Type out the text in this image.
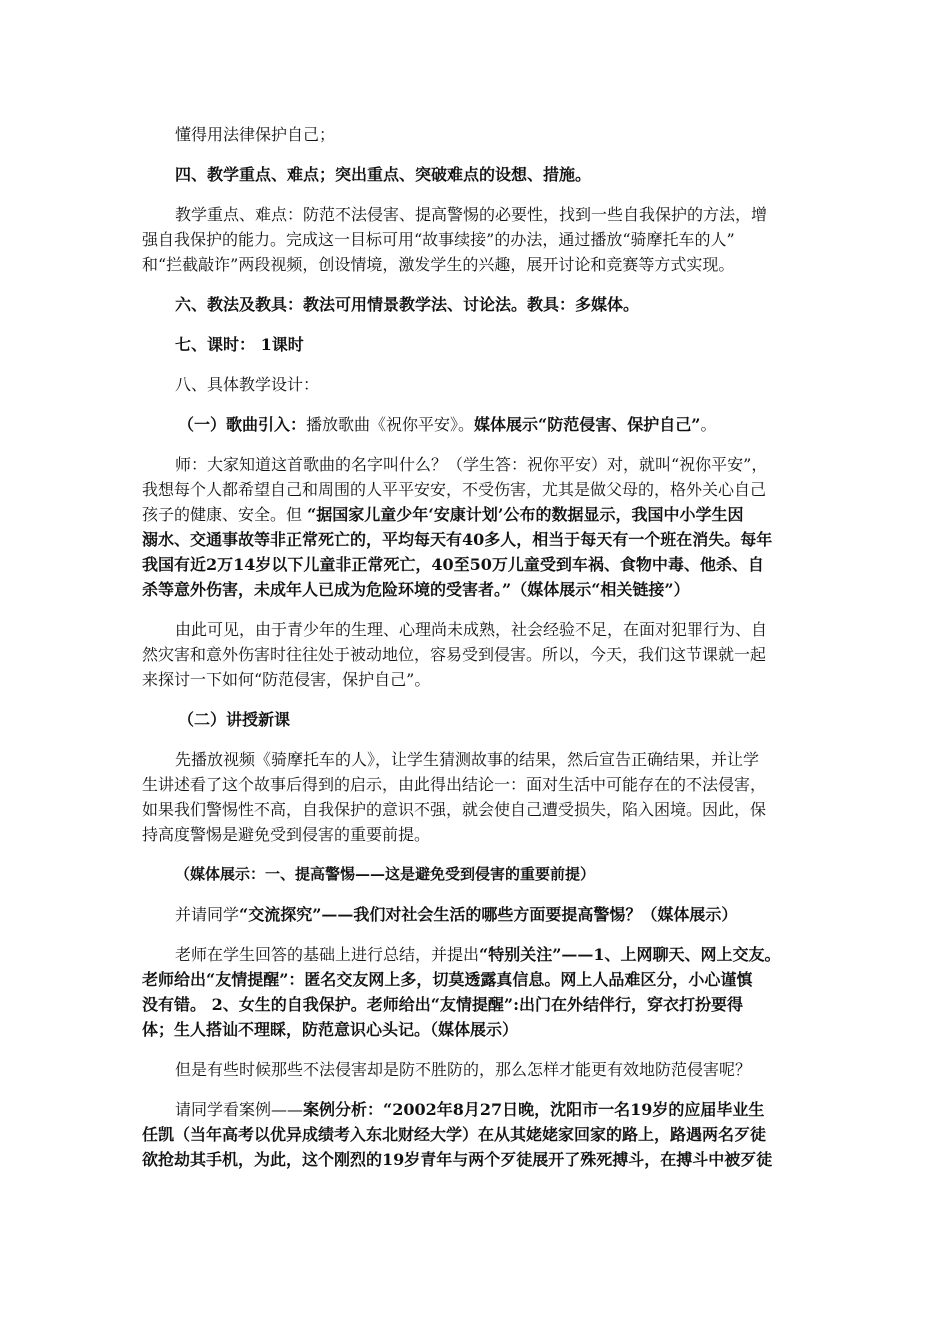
懂得用法律保护自己；
四、教学重点、难点；突出重点、突破难点的设想、措施。
教学重点、难点：防范不法侵害、提高警惕的必要性，找到一些自我保护的方法，增
强自我保护的能力。完成这一目标可用“故事续接”的办法，通过播放“骑摩托车的人”
和“拦截敲诈”两段视频，创设情境，激发学生的兴趣，展开讨论和竞赛等方式实现。
六、教法及教具：教法可用情景教学法、讨论法。教具：多媒体。
七、课时： 1课时
八、具体教学设计：
（一）歌曲引入：播放歌曲《祝你平安》。媒体展示“防范侵害、保护自己”。
师：大家知道这首歌曲的名字叫什么？（学生答：祝你平安）对，就叫“祝你平安”，
我想每个人都希望自己和周围的人平平安安，不受伤害，尤其是做父母的，格外关心自己
孩子的健康、安全。但 “据国家儿童少年‘安康计划’公布的数据显示，我国中小学生因
溺水、交通事故等非正常死亡的，平均每天有40多人，相当于每天有一个班在消失。每年
我国有近2万14岁以下儿童非正常死亡，40至50万儿童受到车祸、食物中毒、他杀、自
杀等意外伤害，未成年人已成为危险环境的受害者。”（媒体展示“相关链接”）
由此可见，由于青少年的生理、心理尚未成熟，社会经验不足，在面对犯罪行为、自
然灾害和意外伤害时往往处于被动地位，容易受到侵害。所以，今天，我们这节课就一起
来探讨一下如何“防范侵害，保护自己”。
（二）讲授新课
先播放视频《骑摩托车的人》，让学生猜测故事的结果，然后宣告正确结果，并让学
生讲述看了这个故事后得到的启示，由此得出结论一：面对生活中可能存在的不法侵害，
如果我们警惕性不高，自我保护的意识不强，就会使自己遭受损失，陷入困境。因此，保
持高度警惕是避免受到侵害的重要前提。
（媒体展示：一、提高警惕——这是避免受到侵害的重要前提）
并请同学“交流探究”——我们对社会生活的哪些方面要提高警惕？（媒体展示）
老师在学生回答的基础上进行总结，并提出“特别关注”——1、上网聊天、网上交友。
老师给出“友情提醒”：匿名交友网上多，切莫透露真信息。网上人品难区分，小心谨慎
没有错。 2、女生的自我保护。老师给出“友情提醒”:出门在外结伴行，穿衣打扮要得
体；生人搭讪不理睬，防范意识心头记。（媒体展示）
但是有些时候那些不法侵害却是防不胜防的，那么怎样才能更有效地防范侵害呢？
请同学看案例——案例分析：“2002年8月27日晚，沈阳市一名19岁的应届毕业生
任凯（当年高考以优异成绩考入东北财经大学）在从其姥姥家回家的路上，路遇两名歹徒
欲抢劫其手机，为此，这个刚烈的19岁青年与两个歹徒展开了殊死搏斗，在搏斗中被歹徒
